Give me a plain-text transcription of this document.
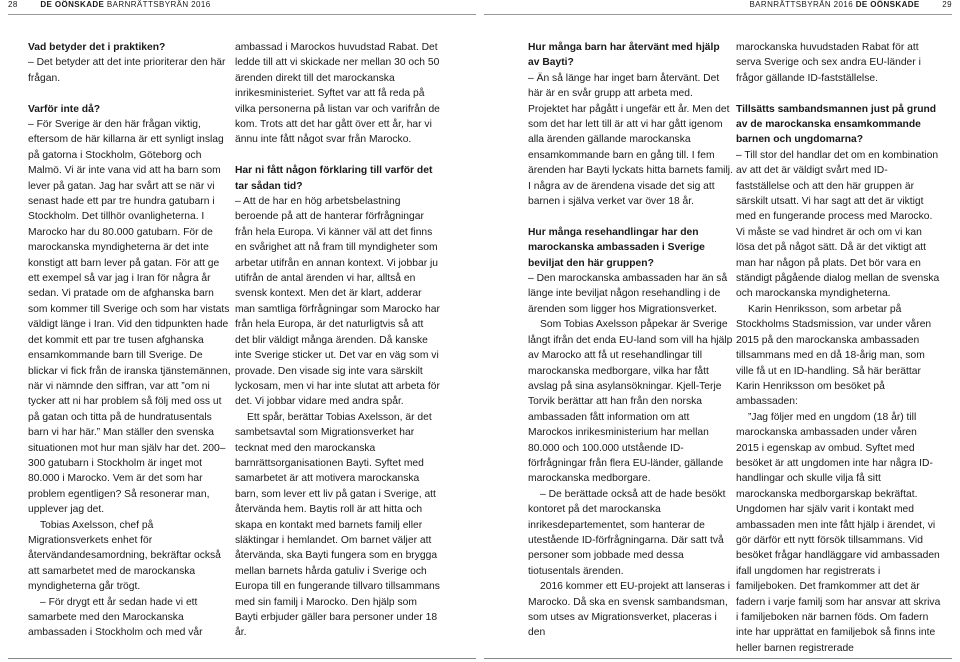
28	DE OÖNSKADE BARNRÄTTSBYRÅN 2016	BARNRÄTTSBYRÅN 2016 DE OÖNSKADE	29

Vad betyder det i praktiken?

– Det betyder att det inte prioriterar den här frågan.

Varför inte då?

– För Sverige är den här frågan viktig, eftersom de här killarna är ett synligt inslag på gatorna i Stockholm, Göteborg och Malmö. Vi är inte vana vid att ha barn som lever på gatan. Jag har svårt att se när vi senast hade ett par tre hundra gatubarn i Stockholm. Det tillhör ovanligheterna. I Marocko har du 80.000 gatubarn. För de marockanska myndigheterna är det inte konstigt att barn lever på gatan. För att ge ett exempel så var jag i Iran för några år sedan. Vi pratade om de afghanska barn som kommer till Sverige och som har vistats väldigt länge i Iran. Vid den tidpunkten hade det kommit ett par tre tusen afghanska ensamkommande barn till Sverige. De blickar vi fick från de iranska tjänstemännen, när vi nämnde den siffran, var att ”om ni tycker att ni har problem så följ med oss ut på gatan och titta på de hundratusentals barn vi har här.” Man ställer den svenska situationen mot hur man själv har det. 200–300 gatubarn i Stockholm är inget mot 80.000 i Marocko. Vem är det som har problem egentligen? Så resonerar man, upplever jag det.

Tobias Axelsson, chef på Migrationsverkets enhet för återvändandesamordning, bekräftar också att samarbetet med de marockanska myndigheterna går trögt.

– För drygt ett år sedan hade vi ett samarbete med den Marockanska ambassaden i Stockholm och med vår

ambassad i Marockos huvudstad Rabat. Det ledde till att vi skickade ner mellan 30 och 50 ärenden direkt till det marockanska inrikesministeriet. Syftet var att få reda på vilka personerna på listan var och varifrån de kom. Trots att det har gått över ett år, har vi ännu inte fått något svar från Marocko.

Har ni fått någon förklaring till varför det tar sådan tid?

– Att de har en hög arbetsbelastning beroende på att de hanterar förfrågningar från hela Europa. Vi känner väl att det finns en svårighet att nå fram till myndigheter som arbetar utifrån en annan kontext. Vi jobbar ju utifrån de antal ärenden vi har, alltså en svensk kontext. Men det är klart, adderar man samtliga förfrågningar som Marocko har från hela Europa, är det naturligtvis så att det blir väldigt många ärenden. Då kanske inte Sverige sticker ut. Det var en väg som vi provade. Den visade sig inte vara särskilt lyckosam, men vi har inte slutat att arbeta för det. Vi jobbar vidare med andra spår.

Ett spår, berättar Tobias Axelsson, är det sambetsavtal som Migrationsverket har tecknat med den marockanska barnrättsorganisationen Bayti. Syftet med samarbetet är att motivera marockanska barn, som lever ett liv på gatan i Sverige, att återvända hem. Baytis roll är att hitta och skapa en kontakt med barnets familj eller släktingar i hemlandet. Om barnet väljer att återvända, ska Bayti fungera som en brygga mellan barnets hårda gatuliv i Sverige och Europa till en fungerande tillvaro tillsammans med sin familj i Marocko. Den hjälp som Bayti erbjuder gäller bara personer under 18 år.

Hur många barn har återvänt med hjälp av Bayti?

– Än så länge har inget barn återvänt. Det här är en svår grupp att arbeta med. Projektet har pågått i ungefär ett år. Men det som det har lett till är att vi har gått igenom alla ärenden gällande marockanska ensamkommande barn en gång till. I fem ärenden har Bayti lyckats hitta barnets familj. I några av de ärendena visade det sig att barnen i själva verket var över 18 år.

Hur många resehandlingar har den marockanska ambassaden i Sverige beviljat den här gruppen?

– Den marockanska ambassaden har än så länge inte beviljat någon resehandling i de ärenden som ligger hos Migrationsverket.

Som Tobias Axelsson påpekar är Sverige långt ifrån det enda EU-land som vill ha hjälp av Marocko att få ut resehandlingar till marockanska medborgare, vilka har fått avslag på sina asylansökningar. Kjell-Terje Torvik berättar att han från den norska ambassaden fått information om att Marockos inrikesministerium har mellan 80.000 och 100.000 utstående ID-förfrågningar från flera EU-länder, gällande marockanska medborgare.

– De berättade också att de hade besökt kontoret på det marockanska inrikesdepartementet, som hanterar de utestående ID-förfrågningarna. Där satt två personer som jobbade med dessa tiotusentals ärenden.

2016 kommer ett EU-projekt att lanseras i Marocko. Då ska en svensk sambandsman, som utses av Migrationsverket, placeras i den

marockanska huvudstaden Rabat för att serva Sverige och sex andra EU-länder i frågor gällande ID-fastställelse.

Tillsätts sambandsmannen just på grund av de marockanska ensamkommande barnen och ungdomarna?

– Till stor del handlar det om en kombination av att det är väldigt svårt med ID-fastställelse och att den här gruppen är särskilt utsatt. Vi har sagt att det är viktigt med en fungerande process med Marocko. Vi måste se vad hindret är och om vi kan lösa det på något sätt. Då är det viktigt att man har någon på plats. Det bör vara en ständigt pågående dialog mellan de svenska och marockanska myndigheterna.

Karin Henriksson, som arbetar på Stockholms Stadsmission, var under våren 2015 på den marockanska ambassaden tillsammans med en då 18-årig man, som ville få ut en ID-handling. Så här berättar Karin Henriksson om besöket på ambassaden:

”Jag följer med en ungdom (18 år) till marockanska ambassaden under våren 2015 i egenskap av ombud. Syftet med besöket är att ungdomen inte har några ID-handlingar och skulle vilja få sitt marockanska medborgarskap bekräftat. Ungdomen har själv varit i kontakt med ambassaden men inte fått hjälp i ärendet, vi gör därför ett nytt försök tillsammans. Vid besöket frågar handläggare vid ambassaden ifall ungdomen har registrerats i familjeboken. Det framkommer att det är fadern i varje familj som har ansvar att skriva i familjeboken när barnen föds. Om fadern inte har upprättat en familjebok så finns inte heller barnen registrerade
